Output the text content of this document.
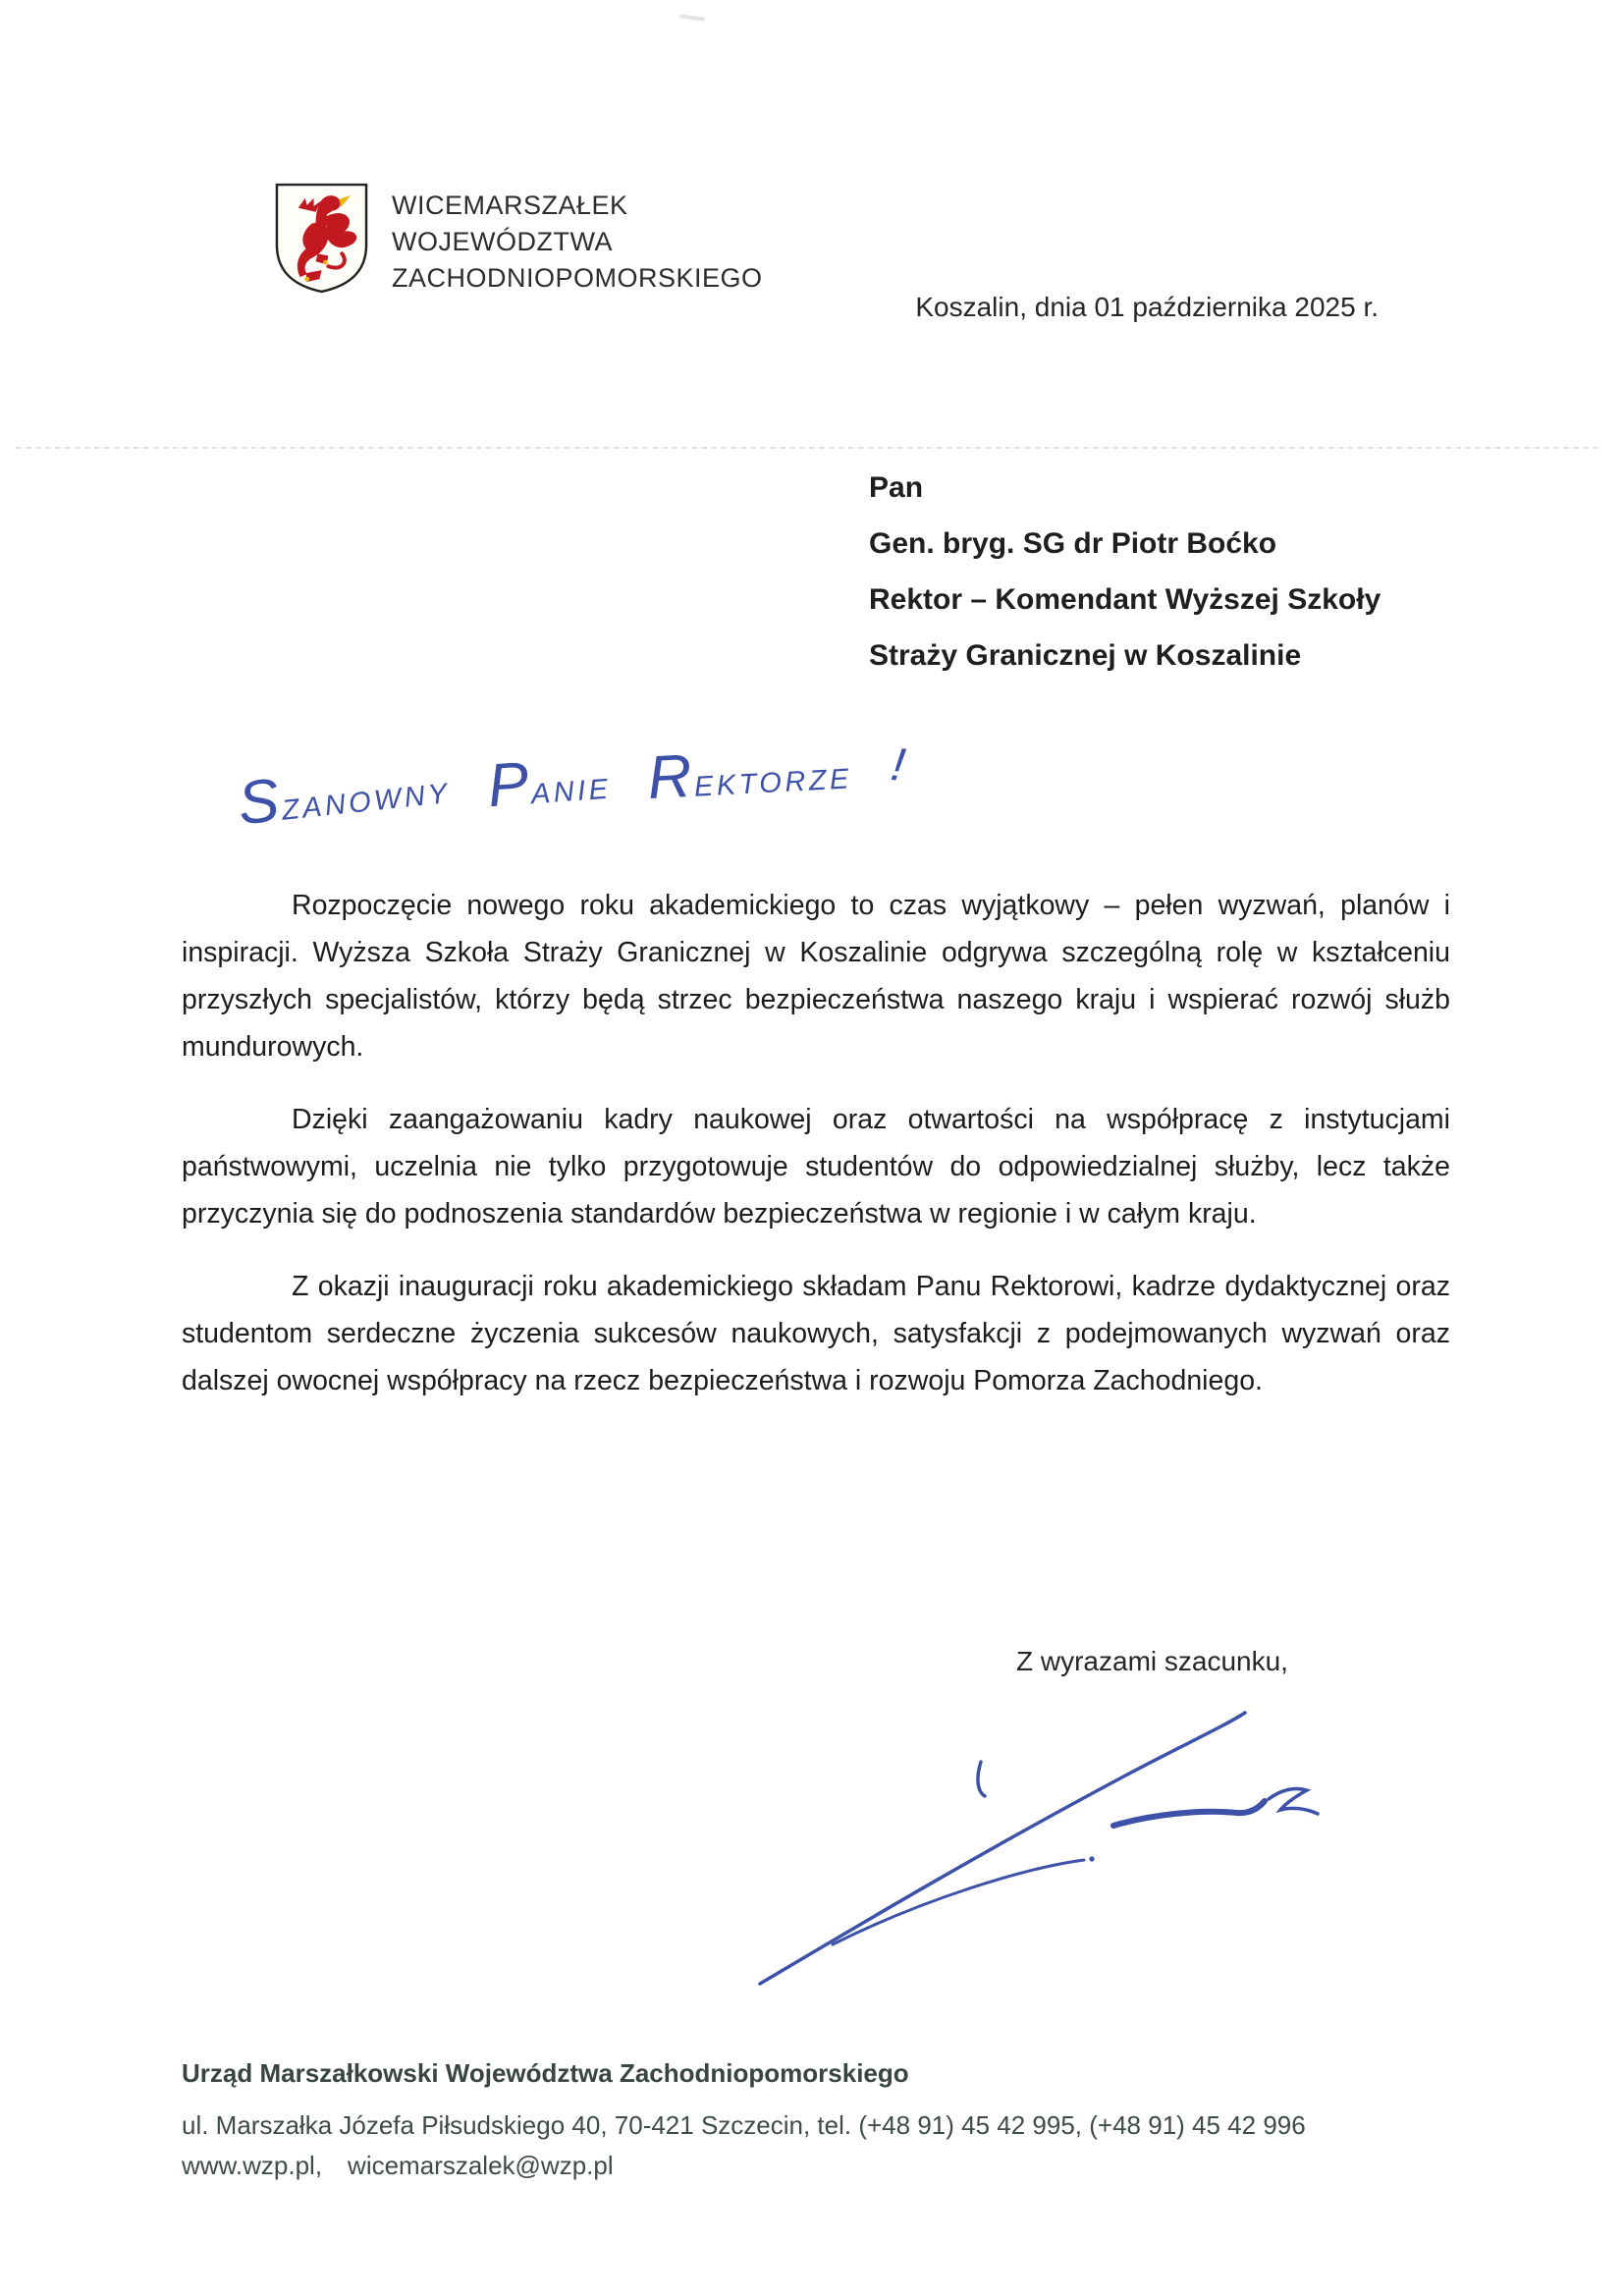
WICEMARSZAŁEK
WOJEWÓDZTWA
ZACHODNIOPOMORSKIEGO
Koszalin, dnia 01 października 2025 r.
Pan
Gen. bryg. SG dr Piotr Boćko
Rektor – Komendant Wyższej Szkoły
Straży Granicznej w Koszalinie
SZANOWNY PANIE REKTORZE !

Rozpoczęcie nowego roku akademickiego to czas wyjątkowy – pełen wyzwań, planów i inspiracji. Wyższa Szkoła Straży Granicznej w Koszalinie odgrywa szczególną rolę w kształceniu przyszłych specjalistów, którzy będą strzec bezpieczeństwa naszego kraju i wspierać rozwój służb mundurowych.

Dzięki zaangażowaniu kadry naukowej oraz otwartości na współpracę z instytucjami państwowymi, uczelnia nie tylko przygotowuje studentów do odpowiedzialnej służby, lecz także przyczynia się do podnoszenia standardów bezpieczeństwa w regionie i w całym kraju.

Z okazji inauguracji roku akademickiego składam Panu Rektorowi, kadrze dydaktycznej oraz studentom serdeczne życzenia sukcesów naukowych, satysfakcji z podejmowanych wyzwań oraz dalszej owocnej współpracy na rzecz bezpieczeństwa i rozwoju Pomorza Zachodniego.

Z wyrazami szacunku,
Urząd Marszałkowski Województwa Zachodniopomorskiego
ul. Marszałka Józefa Piłsudskiego 40, 70-421 Szczecin, tel. (+48 91) 45 42 995, (+48 91) 45 42 996
www.wzp.pl, wicemarszalek@wzp.pl
